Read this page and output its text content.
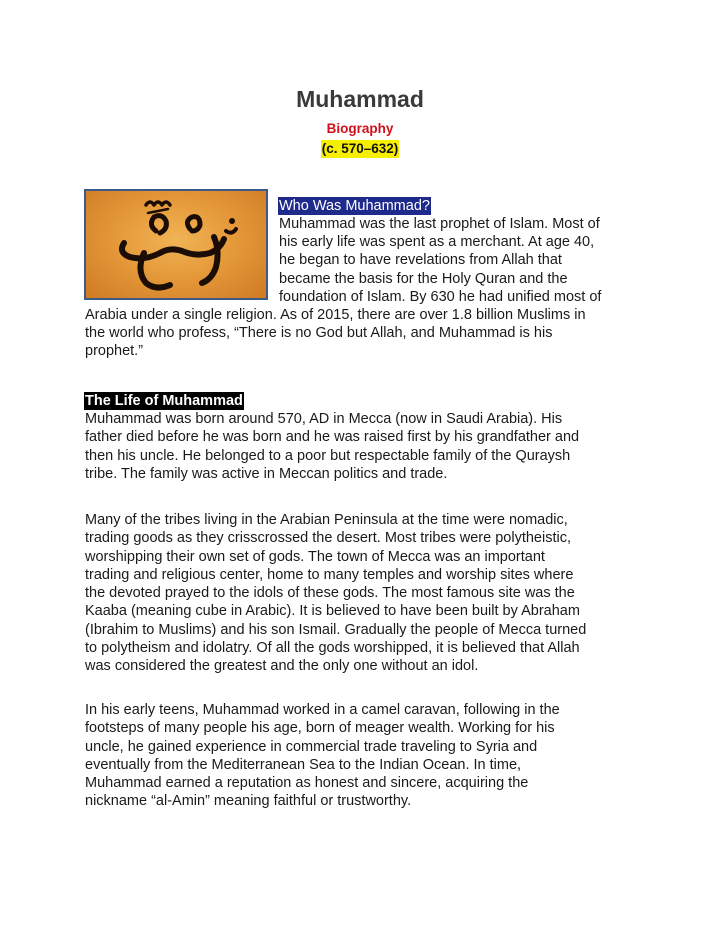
Muhammad
Biography
(c. 570–632)
Who Was Muhammad?
Muhammad was the last prophet of Islam. Most of
his early life was spent as a merchant. At age 40,
he began to have revelations from Allah that
became the basis for the Holy Quran and the
foundation of Islam. By 630 he had unified most of
Arabia under a single religion. As of 2015, there are over 1.8 billion Muslims in
the world who profess, “There is no God but Allah, and Muhammad is his
prophet.”
The Life of Muhammad
Muhammad was born around 570, AD in Mecca (now in Saudi Arabia). His
father died before he was born and he was raised first by his grandfather and
then his uncle. He belonged to a poor but respectable family of the Quraysh
tribe. The family was active in Meccan politics and trade.
Many of the tribes living in the Arabian Peninsula at the time were nomadic,
trading goods as they crisscrossed the desert. Most tribes were polytheistic,
worshipping their own set of gods. The town of Mecca was an important
trading and religious center, home to many temples and worship sites where
the devoted prayed to the idols of these gods. The most famous site was the
Kaaba (meaning cube in Arabic). It is believed to have been built by Abraham
(Ibrahim to Muslims) and his son Ismail. Gradually the people of Mecca turned
to polytheism and idolatry. Of all the gods worshipped, it is believed that Allah
was considered the greatest and the only one without an idol.
In his early teens, Muhammad worked in a camel caravan, following in the
footsteps of many people his age, born of meager wealth. Working for his
uncle, he gained experience in commercial trade traveling to Syria and
eventually from the Mediterranean Sea to the Indian Ocean. In time,
Muhammad earned a reputation as honest and sincere, acquiring the
nickname “al-Amin” meaning faithful or trustworthy.
